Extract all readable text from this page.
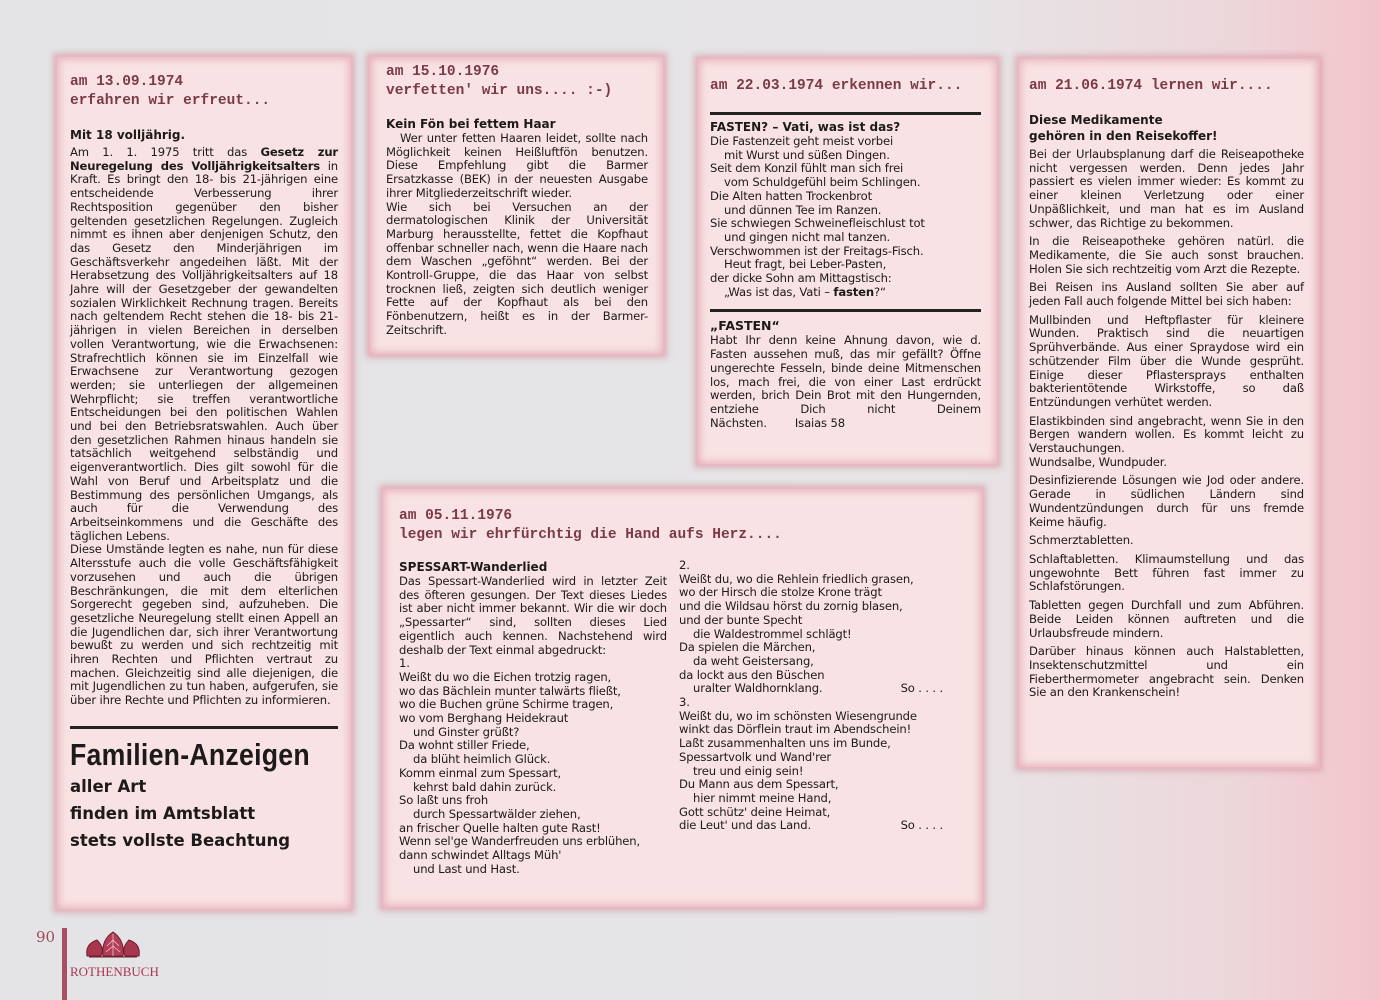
am 13.09.1974
erfahren wir erfreut...
Mit 18 volljährig.

Am 1. 1. 1975 tritt das Gesetz zur Neuregelung des Volljährigkeitsalters in Kraft. Es bringt den 18- bis 21-jährigen eine entscheidende Verbesserung ihrer Rechtsposition gegenüber den bisher geltenden gesetzlichen Regelungen. Zugleich nimmt es ihnen aber denjenigen Schutz, den das Gesetz den Minderjährigen im Geschäftsverkehr angedeihen läßt. Mit der Herabsetzung des Volljährigkeitsalters auf 18 Jahre will der Gesetzgeber der gewandelten sozialen Wirklichkeit Rechnung tragen. Bereits nach geltendem Recht stehen die 18- bis 21-jährigen in vielen Bereichen in derselben vollen Verantwortung, wie die Erwachsenen: Strafrechtlich können sie im Einzelfall wie Erwachsene zur Verantwortung gezogen werden; sie unterliegen der allgemeinen Wehrpflicht; sie treffen verantwortliche Entscheidungen bei den politischen Wahlen und bei den Betriebsratswahlen. Auch über den gesetzlichen Rahmen hinaus handeln sie tatsächlich weitgehend selbständig und eigenverantwortlich. Dies gilt sowohl für die Wahl von Beruf und Arbeitsplatz und die Bestimmung des persönlichen Umgangs, als auch für die Verwendung des Arbeitseinkommens und die Geschäfte des täglichen Lebens.

Diese Umstände legten es nahe, nun für diese Altersstufe auch die volle Geschäftsfähigkeit vorzusehen und auch die übrigen Beschränkungen, die mit dem elterlichen Sorgerecht gegeben sind, aufzuheben. Die gesetzliche Neuregelung stellt einen Appell an die Jugendlichen dar, sich ihrer Verantwortung bewußt zu werden und sich rechtzeitig mit ihren Rechten und Pflichten vertraut zu machen. Gleichzeitig sind alle diejenigen, die mit Jugendlichen zu tun haben, aufgerufen, sie über ihre Rechte und Pflichten zu informieren.

Familien-Anzeigen
aller Art
finden im Amtsblatt
stets vollste Beachtung
am 15.10.1976
verfetten' wir uns.... :-)
Kein Fön bei fettem Haar

Wer unter fetten Haaren leidet, sollte nach Möglichkeit keinen Heißluftfön benutzen. Diese Empfehlung gibt die Barmer Ersatzkasse (BEK) in der neuesten Ausgabe ihrer Mitgliederzeitschrift wieder.

Wie sich bei Versuchen an der dermatologischen Klinik der Universität Marburg herausstellte, fettet die Kopfhaut offenbar schneller nach, wenn die Haare nach dem Waschen „geföhnt“ werden. Bei der Kontroll-Gruppe, die das Haar von selbst trocknen ließ, zeigten sich deutlich weniger Fette auf der Kopfhaut als bei den Fönbenutzern, heißt es in der Barmer-Zeitschrift.

am 22.03.1974 erkennen wir...
FASTEN? – Vati, was ist das?
Die Fastenzeit geht meist vorbei
mit Wurst und süßen Dingen.
Seit dem Konzil fühlt man sich frei
vom Schuldgefühl beim Schlingen.
Die Alten hatten Trockenbrot
und dünnen Tee im Ranzen.
Sie schwiegen Schweinefleischlust tot
und gingen nicht mal tanzen.
Verschwommen ist der Freitags-Fisch.
Heut fragt, bei Leber-Pasten,
der dicke Sohn am Mittagstisch:
„Was ist das, Vati – fasten?“
„FASTEN“

Habt Ihr denn keine Ahnung davon, wie d. Fasten aussehen muß, das mir gefällt? Öffne ungerechte Fesseln, binde deine Mitmenschen los, mach frei, die von einer Last erdrückt werden, brich Dein Brot mit den Hungernden, entziehe Dich nicht Deinem Nächsten. Isaias 58

am 21.06.1974 lernen wir....
Diese Medikamente
gehören in den Reisekoffer!

Bei der Urlaubsplanung darf die Reiseapotheke nicht vergessen werden. Denn jedes Jahr passiert es vielen immer wieder: Es kommt zu einer kleinen Verletzung oder einer Unpäßlichkeit, und man hat es im Ausland schwer, das Richtige zu bekommen.

In die Reiseapotheke gehören natürl. die Medikamente, die Sie auch sonst brauchen. Holen Sie sich rechtzeitig vom Arzt die Rezepte.

Bei Reisen ins Ausland sollten Sie aber auf jeden Fall auch folgende Mittel bei sich haben:

Mullbinden und Heftpflaster für kleinere Wunden. Praktisch sind die neuartigen Sprühverbände. Aus einer Spraydose wird ein schützender Film über die Wunde gesprüht. Einige dieser Pflastersprays enthalten bakterientötende Wirkstoffe, so daß Entzündungen verhütet werden.

Elastikbinden sind angebracht, wenn Sie in den Bergen wandern wollen. Es kommt leicht zu Verstauchungen.

Wundsalbe, Wundpuder.

Desinfizierende Lösungen wie Jod oder andere. Gerade in südlichen Ländern sind Wundentzündungen durch für uns fremde Keime häufig.

Schmerztabletten.

Schlaftabletten. Klimaumstellung und das ungewohnte Bett führen fast immer zu Schlafstörungen.

Tabletten gegen Durchfall und zum Abführen. Beide Leiden können auftreten und die Urlaubsfreude mindern.

Darüber hinaus können auch Halstabletten, Insektenschutzmittel und ein Fieberthermometer angebracht sein. Denken Sie an den Krankenschein!

am 05.11.1976
legen wir ehrfürchtig die Hand aufs Herz....
SPESSART-Wanderlied
Das Spessart-Wanderlied wird in letzter Zeit des öfteren gesungen. Der Text dieses Liedes ist aber nicht immer bekannt. Wir die wir doch „Spessarter“ sind, sollten dieses Lied eigentlich auch kennen. Nachstehend wird deshalb der Text einmal abgedruckt:
1.
Weißt du wo die Eichen trotzig ragen,
wo das Bächlein munter talwärts fließt,
wo die Buchen grüne Schirme tragen,
wo vom Berghang Heidekraut
und Ginster grüßt?
Da wohnt stiller Friede,
da blüht heimlich Glück.
Komm einmal zum Spessart,
kehrst bald dahin zurück.
So laßt uns froh
durch Spessartwälder ziehen,
an frischer Quelle halten gute Rast!
Wenn sel'ge Wanderfreuden uns erblühen,
dann schwindet Alltags Müh'
und Last und Hast.
2.
Weißt du, wo die Rehlein friedlich grasen,
wo der Hirsch die stolze Krone trägt
und die Wildsau hörst du zornig blasen,
und der bunte Specht
die Waldestrommel schlägt!
Da spielen die Märchen,
da weht Geistersang,
da lockt aus den Büschen
uralter Waldhornklang.	So . . . .
3.
Weißt du, wo im schönsten Wiesengrunde
winkt das Dörflein traut im Abendschein!
Laßt zusammenhalten uns im Bunde,
Spessartvolk und Wand'rer
treu und einig sein!
Du Mann aus dem Spessart,
hier nimmt meine Hand,
Gott schütz' deine Heimat,
die Leut' und das Land.	So . . . .
90
ROTHENBUCH
